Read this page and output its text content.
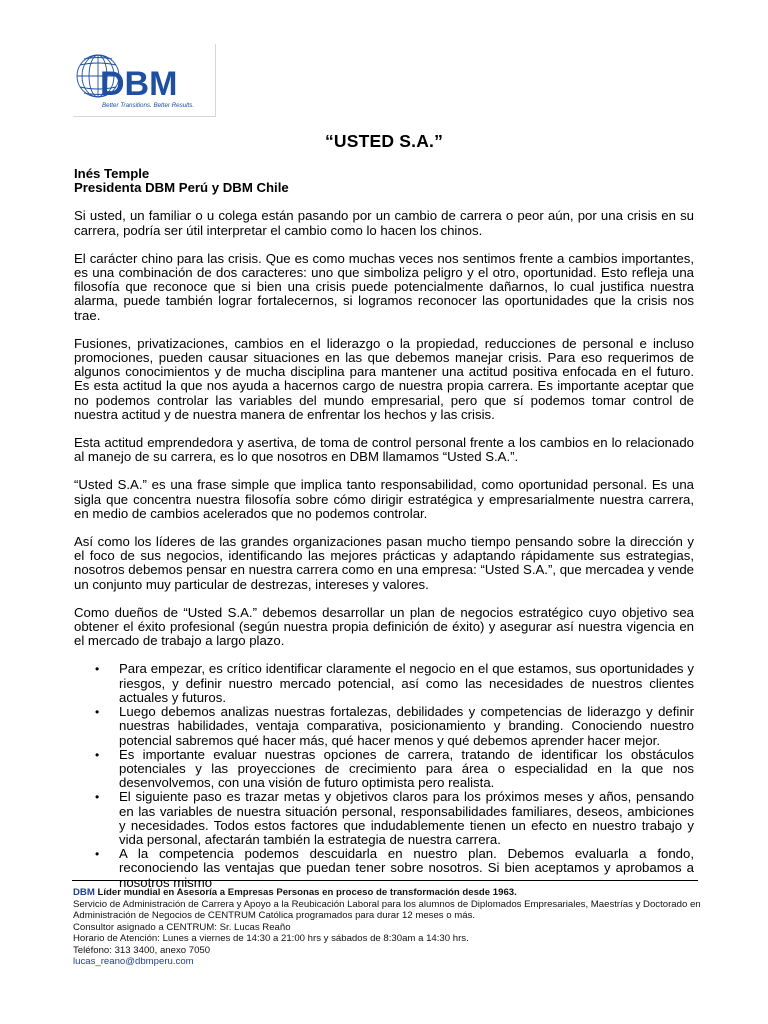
DBM
Better Transitions. Better Results.
“USTED S.A.”
Inés Temple
Presidenta DBM Perú y DBM Chile

Si usted, un familiar o u colega están pasando por un cambio de carrera o peor aún, por una crisis en su carrera, podría ser útil interpretar el cambio como lo hacen los chinos.

El carácter chino para las crisis. Que es como muchas veces nos sentimos frente a cambios importantes, es una combinación de dos caracteres: uno que simboliza peligro y el otro, oportunidad. Esto refleja una filosofía que reconoce que si bien una crisis puede potencialmente dañarnos, lo cual justifica nuestra alarma, puede también lograr fortalecernos, si logramos reconocer las oportunidades que la crisis nos trae.

Fusiones, privatizaciones, cambios en el liderazgo o la propiedad, reducciones de personal e incluso promociones, pueden causar situaciones en las que debemos manejar crisis. Para eso requerimos de algunos conocimientos y de mucha disciplina para mantener una actitud positiva enfocada en el futuro. Es esta actitud la que nos ayuda a hacernos cargo de nuestra propia carrera. Es importante aceptar que no podemos controlar las variables del mundo empresarial, pero que sí podemos tomar control de nuestra actitud y de nuestra manera de enfrentar los hechos y las crisis.

Esta actitud emprendedora y asertiva, de toma de control personal frente a los cambios en lo relacionado al manejo de su carrera, es lo que nosotros en DBM llamamos “Usted S.A.”.

“Usted S.A.” es una frase simple que implica tanto responsabilidad, como oportunidad personal. Es una sigla que concentra nuestra filosofía sobre cómo dirigir estratégica y empresarialmente nuestra carrera, en medio de cambios acelerados que no podemos controlar.

Así como los líderes de las grandes organizaciones pasan mucho tiempo pensando sobre la dirección y el foco de sus negocios, identificando las mejores prácticas y adaptando rápidamente sus estrategias, nosotros debemos pensar en nuestra carrera como en una empresa: “Usted S.A.”, que mercadea y vende un conjunto muy particular de destrezas, intereses y valores.

Como dueños de “Usted S.A.” debemos desarrollar un plan de negocios estratégico cuyo objetivo sea obtener el éxito profesional (según nuestra propia definición de éxito) y asegurar así nuestra vigencia en el mercado de trabajo a largo plazo.

• Para empezar, es crítico identificar claramente el negocio en el que estamos, sus oportunidades y riesgos, y definir nuestro mercado potencial, así como las necesidades de nuestros clientes actuales y futuros.
• Luego debemos analizas nuestras fortalezas, debilidades y competencias de liderazgo y definir nuestras habilidades, ventaja comparativa, posicionamiento y branding. Conociendo nuestro potencial sabremos qué hacer más, qué hacer menos y qué debemos aprender hacer mejor.
• Es importante evaluar nuestras opciones de carrera, tratando de identificar los obstáculos potenciales y las proyecciones de crecimiento para área o especialidad en la que nos desenvolvemos, con una visión de futuro optimista pero realista.
• El siguiente paso es trazar metas y objetivos claros para los próximos meses y años, pensando en las variables de nuestra situación personal, responsabilidades familiares, deseos, ambiciones y necesidades. Todos estos factores que indudablemente tienen un efecto en nuestro trabajo y vida personal, afectarán también la estrategia de nuestra carrera.
• A la competencia podemos descuidarla en nuestro plan. Debemos evaluarla a fondo, reconociendo las ventajas que puedan tener sobre nosotros. Si bien aceptamos y aprobamos a nosotros mismo
DBM Líder mundial en Asesoría a Empresas Personas en proceso de transformación desde 1963.
Servicio de Administración de Carrera y Apoyo a la Reubicación Laboral para los alumnos de Diplomados Empresariales, Maestrías y Doctorado en Administración de Negocios de CENTRUM Católica programados para durar 12 meses o más.
Consultor asignado a CENTRUM: Sr. Lucas Reaño
Horario de Atención: Lunes a viernes de 14:30 a 21:00 hrs y sábados de 8:30am a 14:30 hrs.
Teléfono: 313 3400, anexo 7050
lucas_reano@dbmperu.com
